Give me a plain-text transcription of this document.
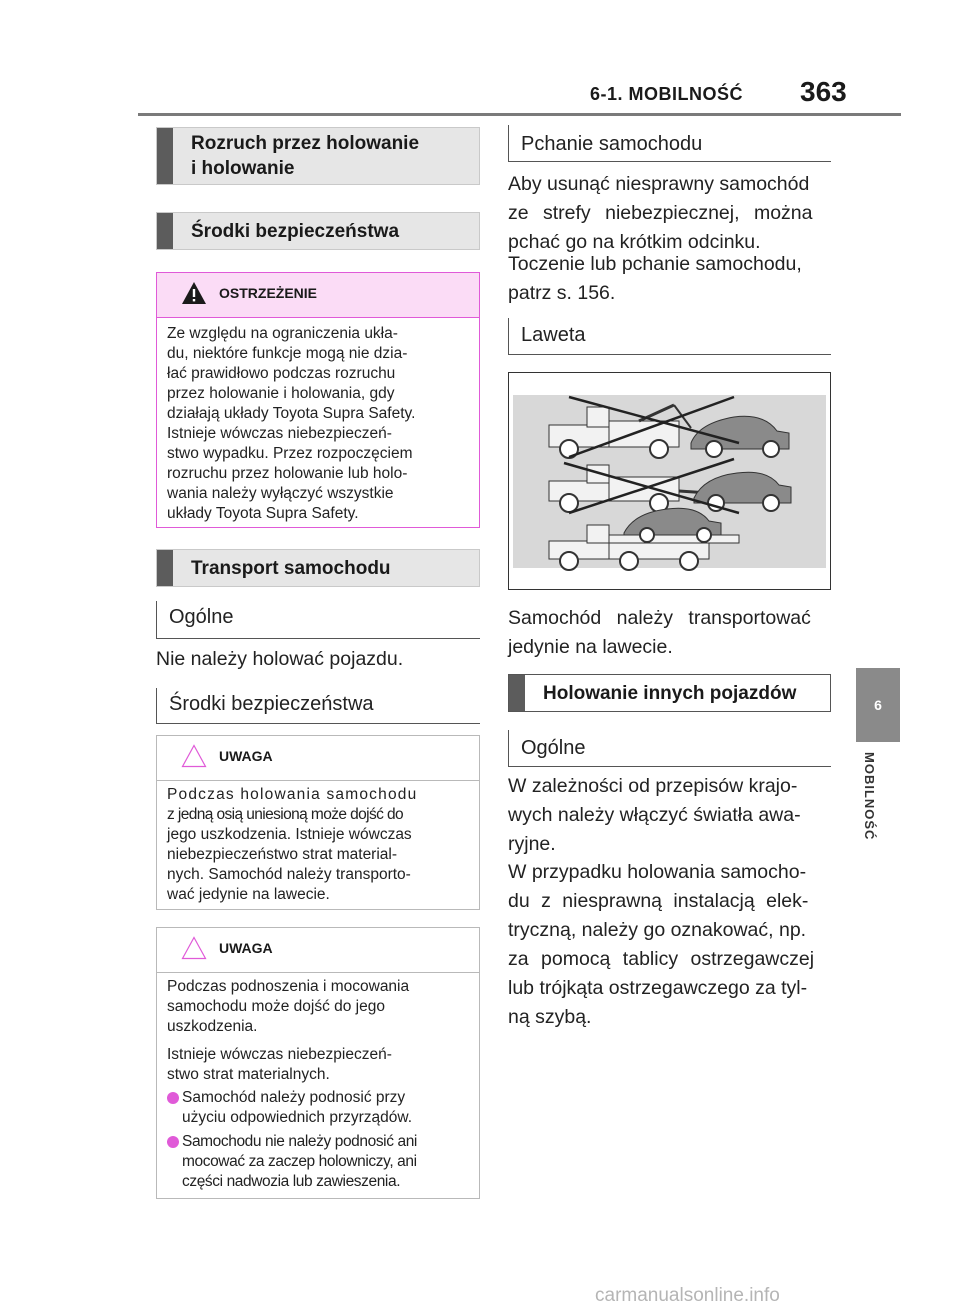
6-1. MOBILNOŚĆ 363
6
MOBILNOŚĆ
Rozruch przez holowanie
i holowanie
Środki bezpieczeństwa
OSTRZEŻENIE
Ze względu na ograniczenia ukła-
du, niektóre funkcje mogą nie dzia-
łać prawidłowo podczas rozruchu
przez holowanie i holowania, gdy
działają układy Toyota Supra Safety.
Istnieje wówczas niebezpieczeń-
stwo wypadku. Przez rozpoczęciem
rozruchu przez holowanie lub holo-
wania należy wyłączyć wszystkie
układy Toyota Supra Safety.
Transport samochodu
Ogólne
Nie należy holować pojazdu.
Środki bezpieczeństwa
UWAGA
Podczas holowania samochodu
z jedną osią uniesioną może dojść do
jego uszkodzenia. Istnieje wówczas
niebezpieczeństwo strat material-
nych. Samochód należy transporto-
wać jedynie na lawecie.
UWAGA
Podczas podnoszenia i mocowania
samochodu może dojść do jego
uszkodzenia.
Istnieje wówczas niebezpieczeń-
stwo strat materialnych.
Samochód należy podnosić przy
użyciu odpowiednich przyrządów.
Samochodu nie należy podnosić ani
mocować za zaczep holowniczy, ani
części nadwozia lub zawieszenia.
Pchanie samochodu
Aby usunąć niesprawny samochód
ze strefy niebezpiecznej, można
pchać go na krótkim odcinku.
Toczenie lub pchanie samochodu,
patrz s. 156.
Laweta
Samochód należy transportować
jedynie na lawecie.
Holowanie innych pojazdów
Ogólne
W zależności od przepisów krajo-
wych należy włączyć światła awa-
ryjne.
W przypadku holowania samocho-
du z niesprawną instalacją elek-
tryczną, należy go oznakować, np.
za pomocą tablicy ostrzegawczej
lub trójkąta ostrzegawczego za tyl-
ną szybą.
carmanualsonline.info
